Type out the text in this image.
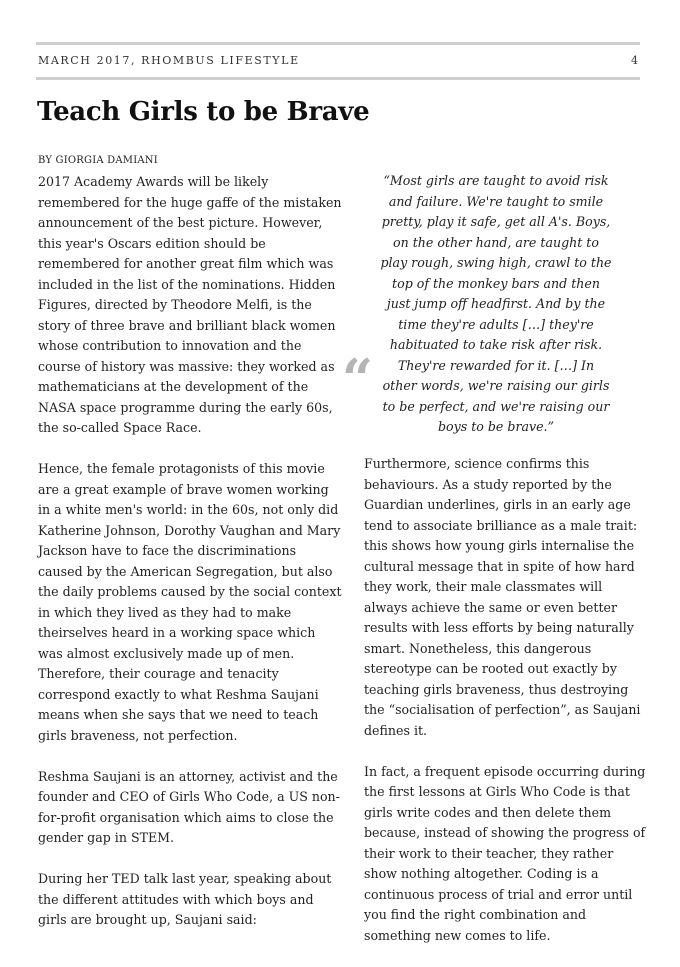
MARCH 2017, RHOMBUS LIFESTYLE	4
Teach Girls to be Brave
BY GIORGIA DAMIANI

2017 Academy Awards will be likely remembered for the huge gaffe of the mistaken announcement of the best picture. However, this year's Oscars edition should be remembered for another great film which was included in the list of the nominations. Hidden Figures, directed by Theodore Melfi, is the story of three brave and brilliant black women whose contribution to innovation and the course of history was massive: they worked as mathematicians at the development of the NASA space programme during the early 60s, the so-called Space Race.

Hence, the female protagonists of this movie are a great example of brave women working in a white men's world: in the 60s, not only did Katherine Johnson, Dorothy Vaughan and Mary Jackson have to face the discriminations caused by the American Segregation, but also the daily problems caused by the social context in which they lived as they had to make theirselves heard in a working space which was almost exclusively made up of men. Therefore, their courage and tenacity correspond exactly to what Reshma Saujani means when she says that we need to teach girls braveness, not perfection.

Reshma Saujani is an attorney, activist and the founder and CEO of Girls Who Code, a US non-for-profit organisation which aims to close the gender gap in STEM.

During her TED talk last year, speaking about the different attitudes with which boys and girls are brought up, Saujani said:

“
“Most girls are taught to avoid risk and failure. We're taught to smile pretty, play it safe, get all A's. Boys, on the other hand, are taught to play rough, swing high, crawl to the top of the monkey bars and then just jump off headfirst. And by the time they're adults […] they're habituated to take risk after risk. They're rewarded for it. […] In other words, we're raising our girls to be perfect, and we're raising our boys to be brave.”

Furthermore, science confirms this behaviours. As a study reported by the Guardian underlines, girls in an early age tend to associate brilliance as a male trait: this shows how young girls internalise the cultural message that in spite of how hard they work, their male classmates will always achieve the same or even better results with less efforts by being naturally smart. Nonetheless, this dangerous stereotype can be rooted out exactly by teaching girls braveness, thus destroying the “socialisation of perfection”, as Saujani defines it.

In fact, a frequent episode occurring during the first lessons at Girls Who Code is that girls write codes and then delete them because, instead of showing the progress of their work to their teacher, they rather show nothing altogether. Coding is a continuous process of trial and error until you find the right combination and something new comes to life.
